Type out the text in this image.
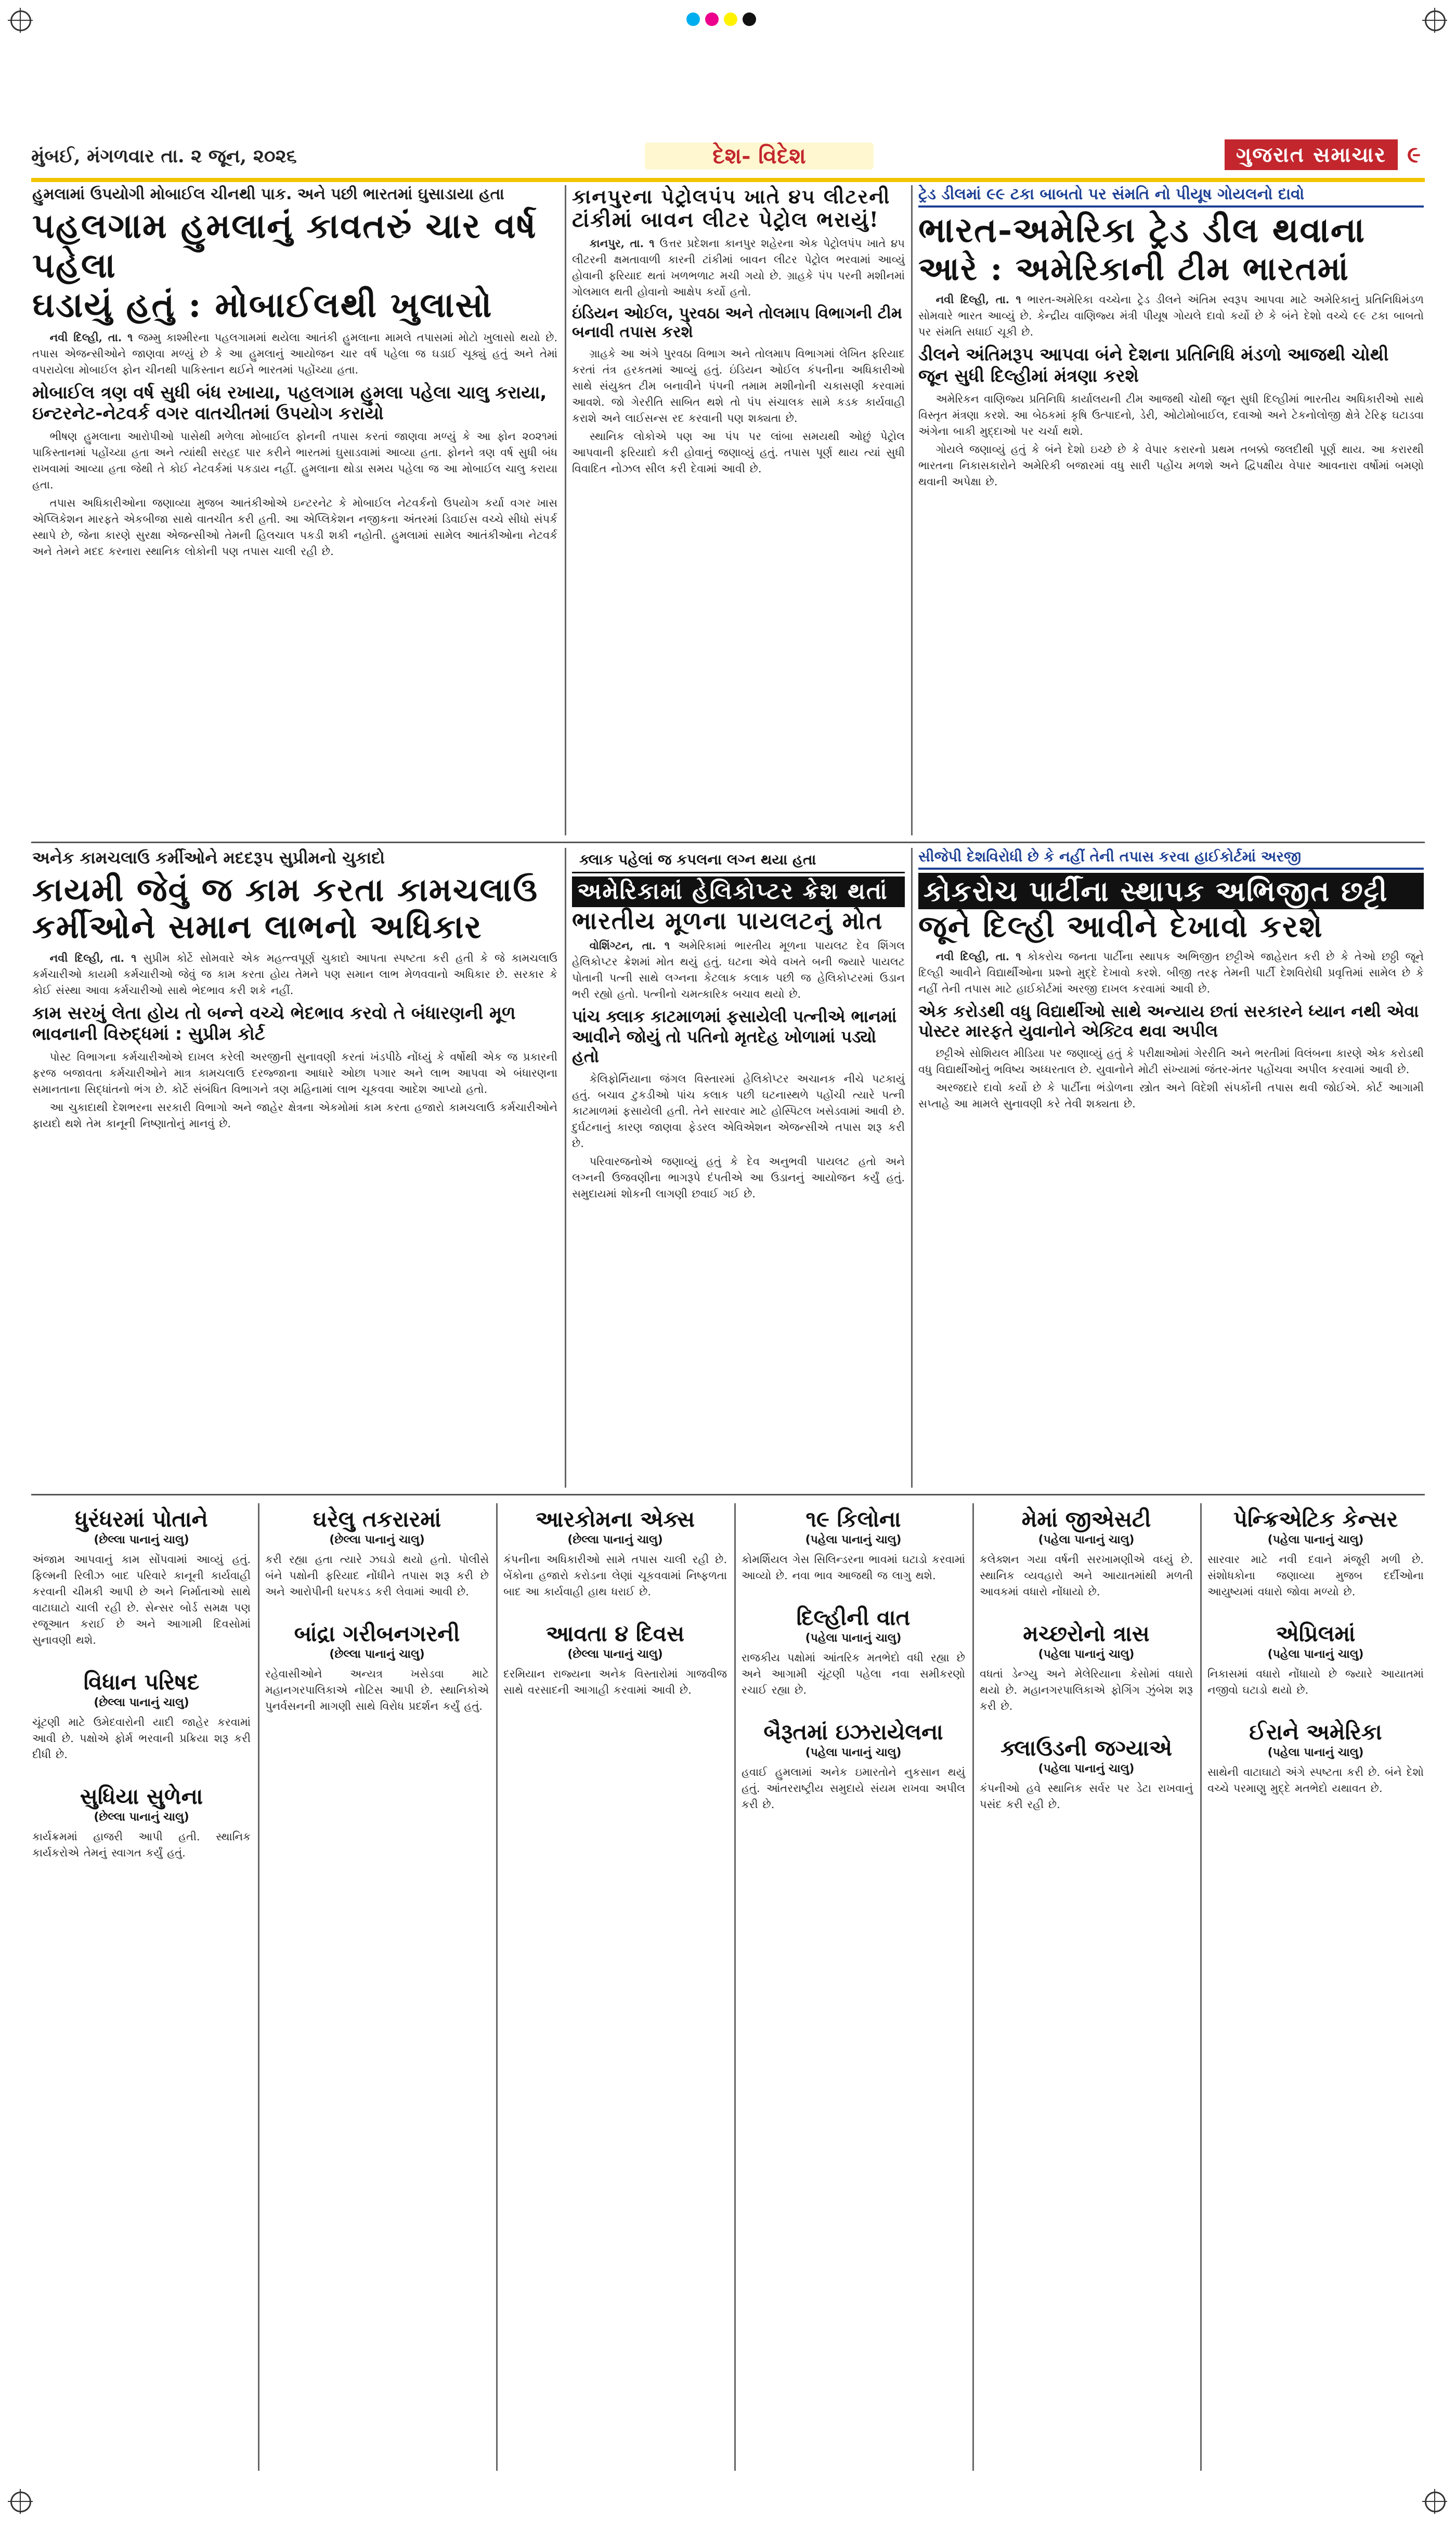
મુંબઈ, મંગળવાર તા. ૨ જૂન, ૨૦૨૬	દેશ- વિદેશ	ગુજરાત સમાચાર ૯
હુમલામાં ઉપયોગી મોબાઈલ ચીનથી પાક. અને પછી ભારતમાં ઘુસાડાયા હતા
પહલગામ હુમલાનું કાવતરું ચાર વર્ષ પહેલા
ઘડાયું હતું : મોબાઈલથી ખુલાસો

નવી દિલ્હી, તા. ૧ જમ્મુ કાશ્મીરના પહલગામમાં થયેલા આતંકી હુમલાના મામલે તપાસમાં મોટો ખુલાસો થયો છે. તપાસ એજન્સીઓને જાણવા મળ્યું છે કે આ હુમલાનું આયોજન ચાર વર્ષ પહેલા જ ઘડાઈ ચૂક્યું હતું અને તેમાં વપરાયેલા મોબાઈલ ફોન ચીનથી પાકિસ્તાન થઈને ભારતમાં પહોંચ્યા હતા.

મોબાઈલ ત્રણ વર્ષ સુધી બંધ રખાયા, પહલગામ હુમલા પહેલા ચાલુ કરાયા, ઇન્ટરનેટ-નેટવર્ક વગર વાતચીતમાં ઉપયોગ કરાયો

ભીષણ હુમલાના આરોપીઓ પાસેથી મળેલા મોબાઈલ ફોનની તપાસ કરતાં જાણવા મળ્યું કે આ ફોન ૨૦૨૧માં પાકિસ્તાનમાં પહોંચ્યા હતા અને ત્યાંથી સરહદ પાર કરીને ભારતમાં ઘુસાડવામાં આવ્યા હતા. ફોનને ત્રણ વર્ષ સુધી બંધ રાખવામાં આવ્યા હતા જેથી તે કોઈ નેટવર્કમાં પકડાય નહીં. હુમલાના થોડા સમય પહેલા જ આ મોબાઈલ ચાલુ કરાયા હતા.

તપાસ અધિકારીઓના જણાવ્યા મુજબ આતંકીઓએ ઇન્ટરનેટ કે મોબાઈલ નેટવર્કનો ઉપયોગ કર્યા વગર ખાસ એપ્લિકેશન મારફતે એકબીજા સાથે વાતચીત કરી હતી. આ એપ્લિકેશન નજીકના અંતરમાં ડિવાઈસ વચ્ચે સીધો સંપર્ક સ્થાપે છે, જેના કારણે સુરક્ષા એજન્સીઓ તેમની હિલચાલ પકડી શકી નહોતી. હુમલામાં સામેલ આતંકીઓના નેટવર્ક અને તેમને મદદ કરનારા સ્થાનિક લોકોની પણ તપાસ ચાલી રહી છે.

કાનપુરના પેટ્રોલપંપ ખાતે ૪૫ લીટરની
ટાંકીમાં બાવન લીટર પેટ્રોલ ભરાયું!

કાનપુર, તા. ૧ ઉત્તર પ્રદેશના કાનપુર શહેરના એક પેટ્રોલપંપ ખાતે ૪૫ લીટરની ક્ષમતાવાળી કારની ટાંકીમાં બાવન લીટર પેટ્રોલ ભરવામાં આવ્યું હોવાની ફરિયાદ થતાં ખળભળાટ મચી ગયો છે. ગ્રાહકે પંપ પરની મશીનમાં ગોલમાલ થતી હોવાનો આક્ષેપ કર્યો હતો.

ઇંડિયન ઓઈલ, પુરવઠા અને તોલમાપ વિભાગની ટીમ બનાવી તપાસ કરશે

ગ્રાહકે આ અંગે પુરવઠા વિભાગ અને તોલમાપ વિભાગમાં લેખિત ફરિયાદ કરતાં તંત્ર હરકતમાં આવ્યું હતું. ઇંડિયન ઓઈલ કંપનીના અધિકારીઓ સાથે સંયુક્ત ટીમ બનાવીને પંપની તમામ મશીનોની ચકાસણી કરવામાં આવશે. જો ગેરરીતિ સાબિત થશે તો પંપ સંચાલક સામે કડક કાર્યવાહી કરાશે અને લાઈસન્સ રદ કરવાની પણ શક્યતા છે.

સ્થાનિક લોકોએ પણ આ પંપ પર લાંબા સમયથી ઓછું પેટ્રોલ આપવાની ફરિયાદો કરી હોવાનું જણાવ્યું હતું. તપાસ પૂર્ણ થાય ત્યાં સુધી વિવાદિત નોઝલ સીલ કરી દેવામાં આવી છે.

ટ્રેડ ડીલમાં ૯૯ ટકા બાબતો પર સંમતિ નો પીયૂષ ગોયલનો દાવો
ભારત-અમેરિકા ટ્રેડ ડીલ થવાના
આરે : અમેરિકાની ટીમ ભારતમાં

નવી દિલ્હી, તા. ૧ ભારત-અમેરિકા વચ્ચેના ટ્રેડ ડીલને અંતિમ સ્વરૂપ આપવા માટે અમેરિકાનું પ્રતિનિધિમંડળ સોમવારે ભારત આવ્યું છે. કેન્દ્રીય વાણિજ્ય મંત્રી પીયૂષ ગોયલે દાવો કર્યો છે કે બંને દેશો વચ્ચે ૯૯ ટકા બાબતો પર સંમતિ સધાઈ ચૂકી છે.

ડીલને અંતિમરૂપ આપવા બંને દેશના પ્રતિનિધિ મંડળો આજથી ચોથી જૂન સુધી દિલ્હીમાં મંત્રણા કરશે

અમેરિકન વાણિજ્ય પ્રતિનિધિ કાર્યાલયની ટીમ આજથી ચોથી જૂન સુધી દિલ્હીમાં ભારતીય અધિકારીઓ સાથે વિસ્તૃત મંત્રણા કરશે. આ બેઠકમાં કૃષિ ઉત્પાદનો, ડેરી, ઓટોમોબાઈલ, દવાઓ અને ટેકનોલોજી ક્ષેત્રે ટેરિફ ઘટાડવા અંગેના બાકી મુદ્દાઓ પર ચર્ચા થશે.

ગોયલે જણાવ્યું હતું કે બંને દેશો ઇચ્છે છે કે વેપાર કરારનો પ્રથમ તબક્કો જલદીથી પૂર્ણ થાય. આ કરારથી ભારતના નિકાસકારોને અમેરિકી બજારમાં વધુ સારી પહોંચ મળશે અને દ્વિપક્ષીય વેપાર આવનારા વર્ષોમાં બમણો થવાની અપેક્ષા છે.

અનેક કામચલાઉ કર્મીઓને મદદરૂપ સુપ્રીમનો ચુકાદો
કાયમી જેવું જ કામ કરતા કામચલાઉ
કર્મીઓને સમાન લાભનો અધિકાર

નવી દિલ્હી, તા. ૧ સુપ્રીમ કોર્ટે સોમવારે એક મહત્ત્વપૂર્ણ ચુકાદો આપતા સ્પષ્ટતા કરી હતી કે જે કામચલાઉ કર્મચારીઓ કાયમી કર્મચારીઓ જેવું જ કામ કરતા હોય તેમને પણ સમાન લાભ મેળવવાનો અધિકાર છે. સરકાર કે કોઈ સંસ્થા આવા કર્મચારીઓ સાથે ભેદભાવ કરી શકે નહીં.

કામ સરખું લેતા હોય તો બન્ને વચ્ચે ભેદભાવ કરવો તે બંધારણની મૂળ ભાવનાની વિરુદ્ધમાં : સુપ્રીમ કોર્ટ

પોસ્ટ વિભાગના કર્મચારીઓએ દાખલ કરેલી અરજીની સુનાવણી કરતાં ખંડપીઠે નોંધ્યું કે વર્ષોથી એક જ પ્રકારની ફરજ બજાવતા કર્મચારીઓને માત્ર કામચલાઉ દરજ્જાના આધારે ઓછા પગાર અને લાભ આપવા એ બંધારણના સમાનતાના સિદ્ધાંતનો ભંગ છે. કોર્ટે સંબંધિત વિભાગને ત્રણ મહિનામાં લાભ ચૂકવવા આદેશ આપ્યો હતો.

આ ચુકાદાથી દેશભરના સરકારી વિભાગો અને જાહેર ક્ષેત્રના એકમોમાં કામ કરતા હજારો કામચલાઉ કર્મચારીઓને ફાયદો થશે તેમ કાનૂની નિષ્ણાતોનું માનવું છે.

ક્લાક પહેલાં જ કપલના લગ્ન થયા હતા
અમેરિકામાં હેલિકોપ્ટર ક્રેશ થતાં
ભારતીય મૂળના પાયલટનું મોત

વોશિંગ્ટન, તા. ૧ અમેરિકામાં ભારતીય મૂળના પાયલટ દેવ શિંગલ હેલિકોપ્ટર ક્રેશમાં મોત થયું હતું. ઘટના એવે વખતે બની જ્યારે પાયલટ પોતાની પત્ની સાથે લગ્નના કેટલાક કલાક પછી જ હેલિકોપ્ટરમાં ઉડાન ભરી રહ્યો હતો. પત્નીનો ચમત્કારિક બચાવ થયો છે.

પાંચ ક્લાક કાટમાળમાં ફસાયેલી પત્નીએ ભાનમાં આવીને જોયું તો પતિનો મૃતદેહ ખોળામાં પડ્યો હતો

કેલિફોર્નિયાના જંગલ વિસ્તારમાં હેલિકોપ્ટર અચાનક નીચે પટકાયું હતું. બચાવ ટુકડીઓ પાંચ કલાક પછી ઘટનાસ્થળે પહોંચી ત્યારે પત્ની કાટમાળમાં ફસાયેલી હતી. તેને સારવાર માટે હોસ્પિટલ ખસેડવામાં આવી છે. દુર્ઘટનાનું કારણ જાણવા ફેડરલ એવિએશન એજન્સીએ તપાસ શરૂ કરી છે.

પરિવારજનોએ જણાવ્યું હતું કે દેવ અનુભવી પાયલટ હતો અને લગ્નની ઉજવણીના ભાગરૂપે દંપતીએ આ ઉડાનનું આયોજન કર્યું હતું. સમુદાયમાં શોકની લાગણી છવાઈ ગઈ છે.

સીજેપી દેશવિરોધી છે કે નહીં તેની તપાસ કરવા હાઈકોર્ટમાં અરજી
કોકરોચ પાર્ટીના સ્થાપક અભિજીત છટ્ટી
જૂને દિલ્હી આવીને દેખાવો કરશે

નવી દિલ્હી, તા. ૧ કોકરોચ જનતા પાર્ટીના સ્થાપક અભિજીત છટ્ટીએ જાહેરાત કરી છે કે તેઓ છઠ્ઠી જૂને દિલ્હી આવીને વિદ્યાર્થીઓના પ્રશ્નો મુદ્દે દેખાવો કરશે. બીજી તરફ તેમની પાર્ટી દેશવિરોધી પ્રવૃત્તિમાં સામેલ છે કે નહીં તેની તપાસ માટે હાઈકોર્ટમાં અરજી દાખલ કરવામાં આવી છે.

એક કરોડથી વધુ વિદ્યાર્થીઓ સાથે અન્યાય છતાં સરકારને ધ્યાન નથી એવા પોસ્ટર મારફતે યુવાનોને એક્ટિવ થવા અપીલ

છટ્ટીએ સોશિયલ મીડિયા પર જણાવ્યું હતું કે પરીક્ષાઓમાં ગેરરીતિ અને ભરતીમાં વિલંબના કારણે એક કરોડથી વધુ વિદ્યાર્થીઓનું ભવિષ્ય અધ્ધરતાલ છે. યુવાનોને મોટી સંખ્યામાં જંતર-મંતર પહોંચવા અપીલ કરવામાં આવી છે.

અરજદારે દાવો કર્યો છે કે પાર્ટીના ભંડોળના સ્ત્રોત અને વિદેશી સંપર્કોની તપાસ થવી જોઈએ. કોર્ટ આગામી સપ્તાહે આ મામલે સુનાવણી કરે તેવી શક્યતા છે.

ધુરંધરમાં પોતાને
(છેલ્લા પાનાનું ચાલુ)
અંજામ આપવાનું કામ સોંપવામાં આવ્યું હતું. ફિલ્મની રિલીઝ બાદ પરિવારે કાનૂની કાર્યવાહી કરવાની ચીમકી આપી છે અને નિર્માતાઓ સાથે વાટાઘાટો ચાલી રહી છે. સેન્સર બોર્ડ સમક્ષ પણ રજૂઆત કરાઈ છે અને આગામી દિવસોમાં સુનાવણી થશે.
વિધાન પરિષદ
(છેલ્લા પાનાનું ચાલુ)
ચૂંટણી માટે ઉમેદવારોની યાદી જાહેર કરવામાં આવી છે. પક્ષોએ ફોર્મ ભરવાની પ્રક્રિયા શરૂ કરી દીધી છે.
સુધિયા સુળેના
(છેલ્લા પાનાનું ચાલુ)
કાર્યક્રમમાં હાજરી આપી હતી. સ્થાનિક કાર્યકરોએ તેમનું સ્વાગત કર્યું હતું.
ઘરેલુ તકરારમાં
(છેલ્લા પાનાનું ચાલુ)
કરી રહ્યા હતા ત્યારે ઝઘડો થયો હતો. પોલીસે બંને પક્ષોની ફરિયાદ નોંધીને તપાસ શરૂ કરી છે અને આરોપીની ધરપકડ કરી લેવામાં આવી છે.
બાંદ્રા ગરીબનગરની
(છેલ્લા પાનાનું ચાલુ)
રહેવાસીઓને અન્યત્ર ખસેડવા માટે મહાનગરપાલિકાએ નોટિસ આપી છે. સ્થાનિકોએ પુનર્વસનની માગણી સાથે વિરોધ પ્રદર્શન કર્યું હતું.
આરકોમના એક્સ
(છેલ્લા પાનાનું ચાલુ)
કંપનીના અધિકારીઓ સામે તપાસ ચાલી રહી છે. બેંકોના હજારો કરોડના લેણાં ચૂકવવામાં નિષ્ફળતા બાદ આ કાર્યવાહી હાથ ધરાઈ છે.
આવતા ૪ દિવસ
(છેલ્લા પાનાનું ચાલુ)
દરમિયાન રાજ્યના અનેક વિસ્તારોમાં ગાજવીજ સાથે વરસાદની આગાહી કરવામાં આવી છે.
૧૯ કિલોના
(પહેલા પાનાનું ચાલુ)
કોમર્શિયલ ગેસ સિલિન્ડરના ભાવમાં ઘટાડો કરવામાં આવ્યો છે. નવા ભાવ આજથી જ લાગુ થશે.
દિલ્હીની વાત
(પહેલા પાનાનું ચાલુ)
રાજકીય પક્ષોમાં આંતરિક મતભેદો વધી રહ્યા છે અને આગામી ચૂંટણી પહેલા નવા સમીકરણો રચાઈ રહ્યા છે.
બૈરૂતમાં ઇઝરાયેલના
(પહેલા પાનાનું ચાલુ)
હવાઈ હુમલામાં અનેક ઇમારતોને નુકસાન થયું હતું. આંતરરાષ્ટ્રીય સમુદાયે સંયમ રાખવા અપીલ કરી છે.
મેમાં જીએસટી
(પહેલા પાનાનું ચાલુ)
કલેક્શન ગયા વર્ષની સરખામણીએ વધ્યું છે. સ્થાનિક વ્યવહારો અને આયાતમાંથી મળતી આવકમાં વધારો નોંધાયો છે.
મચ્છરોનો ત્રાસ
(પહેલા પાનાનું ચાલુ)
વધતાં ડેન્ગ્યુ અને મેલેરિયાના કેસોમાં વધારો થયો છે. મહાનગરપાલિકાએ ફોગિંગ ઝુંબેશ શરૂ કરી છે.
ક્લાઉડની જગ્યાએ
(પહેલા પાનાનું ચાલુ)
કંપનીઓ હવે સ્થાનિક સર્વર પર ડેટા રાખવાનું પસંદ કરી રહી છે.
પેન્ક્રિએટિક કેન્સર
(પહેલા પાનાનું ચાલુ)
સારવાર માટે નવી દવાને મંજૂરી મળી છે. સંશોધકોના જણાવ્યા મુજબ દર્દીઓના આયુષ્યમાં વધારો જોવા મળ્યો છે.
એપ્રિલમાં
(પહેલા પાનાનું ચાલુ)
નિકાસમાં વધારો નોંધાયો છે જ્યારે આયાતમાં નજીવો ઘટાડો થયો છે.
ઈરાને અમેરિકા
(પહેલા પાનાનું ચાલુ)
સાથેની વાટાઘાટો અંગે સ્પષ્ટતા કરી છે. બંને દેશો વચ્ચે પરમાણુ મુદ્દે મતભેદો યથાવત છે.
